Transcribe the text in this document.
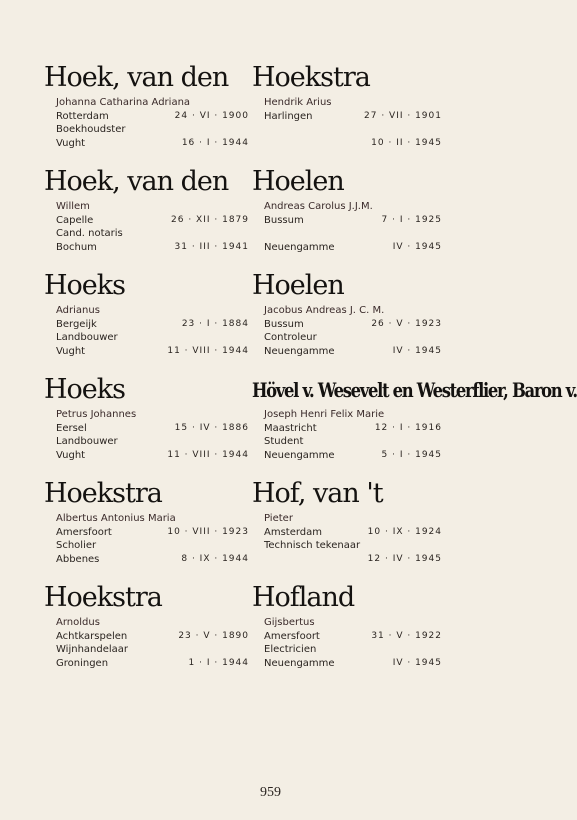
Hoek, van den
Johanna Catharina Adriana
Rotterdam	24 · VI · 1900
Boekhoudster
Vught	16 · I · 1944
Hoek, van den
Willem
Capelle	26 · XII · 1879
Cand. notaris
Bochum	31 · III · 1941
Hoeks
Adrianus
Bergeijk	23 · I · 1884
Landbouwer
Vught	11 · VIII · 1944
Hoeks
Petrus Johannes
Eersel	15 · IV · 1886
Landbouwer
Vught	11 · VIII · 1944
Hoekstra
Albertus Antonius Maria
Amersfoort	10 · VIII · 1923
Scholier
Abbenes	8 · IX · 1944
Hoekstra
Arnoldus
Achtkarspelen	23 · V · 1890
Wijnhandelaar
Groningen	1 · I · 1944
Hoekstra
Hendrik Arius
Harlingen	27 · VII · 1901
10 · II · 1945
Hoelen
Andreas Carolus J.J.M.
Bussum	7 · I · 1925
Neuengamme	IV · 1945
Hoelen
Jacobus Andreas J. C. M.
Bussum	26 · V · 1923
Controleur
Neuengamme	IV · 1945
Hövel v. Wesevelt en Westerflier, Baron v.
Joseph Henri Felix Marie
Maastricht	12 · I · 1916
Student
Neuengamme	5 · I · 1945
Hof, van 't
Pieter
Amsterdam	10 · IX · 1924
Technisch tekenaar
12 · IV · 1945
Hofland
Gijsbertus
Amersfoort	31 · V · 1922
Electricien
Neuengamme	IV · 1945
959
